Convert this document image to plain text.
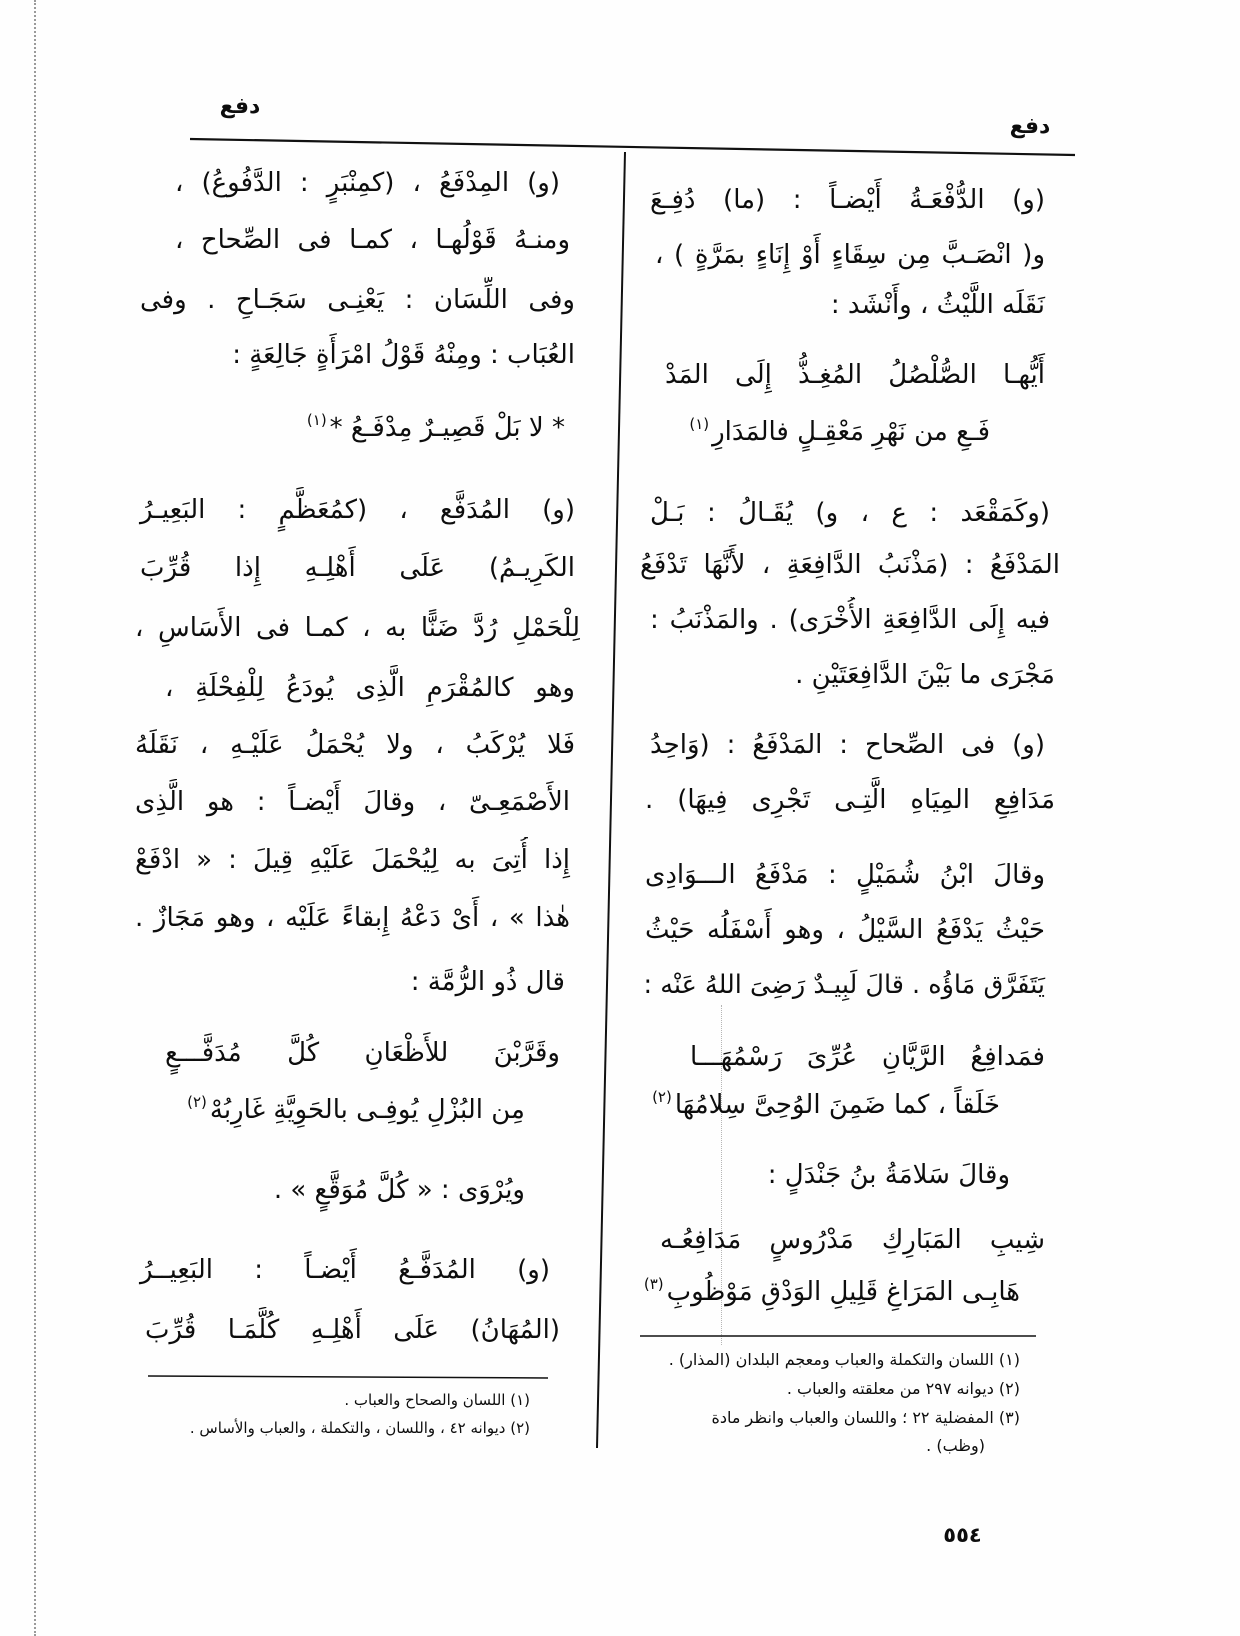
دفع
دفع
(و) الدُّفْعَـةُ أَيْضـاً : (ما) دُفِـعَ
و( انْصَـبَّ مِن سِقَاءٍ أَوْ إِنَاءٍ بمَرَّةٍ ) ،
نَقَلَه اللَّيْثُ ، وأَنْشَد :
أَيُّهـا الصُّلْصُلُ المُغِـذُّ إِلَى المَدْ
فَـعِ من نَهْرِ مَعْقِـلٍ فالمَدَارِ$^{(١)}$
(وكَمَقْعَد : ع ، و) يُقَـالُ : بَـلْ
المَدْفَعُ : (مَذْنَبُ الدَّافِعَةِ ، لأَنَّهَا تَدْفَعُ
فيه إِلَى الدَّافِعَةِ الأُخْرَى) . والمَذْنَبُ :
مَجْرَى ما بَيْنَ الدَّافِعَتَيْنِ .
(و) فى الصِّحاح : المَدْفَعُ : (وَاحِدُ
مَدَافِعِ المِيَاهِ الَّتِـى تَجْرِى فِيهَا) .
وقالَ ابْنُ شُمَيْلٍ : مَدْفَعُ الـــوَادِى
حَيْثُ يَدْفَعُ السَّيْلُ ، وهو أَسْفَلُه حَيْثُ
يَتَفَرَّق مَاؤُه . قالَ لَبِيـدٌ رَضِىَ اللهُ عَنْه :
فمَدافِعُ الرَّيَّانِ عُرِّىَ رَسْمُهَـــا
خَلَقاً ، كما ضَمِنَ الوُحِىَّ سِلامُهَا$^{(٢)}$
وقالَ سَلامَةُ بنُ جَنْدَلٍ :
شِيبِ المَبَارِكِ مَدْرُوسٍ مَدَافِعُـه
هَابِـى المَرَاغِ قَلِيلِ الوَدْقِ مَوْظُوبِ$^{(٣)}$
(١) اللسان والتكملة والعباب ومعجم البلدان (المذار) .
(٢) ديوانه ٢٩٧ من معلقته والعباب .
(٣) المفضلية ٢٢ ؛ واللسان والعباب وانظر مادة
(وظب) .
(و) المِدْفَعُ ، (كمِنْبَرٍ : الدَّفُوعُ) ،
ومنـهُ قَوْلُهـا ، كمـا فى الصِّحاح ،
وفى اللِّسَان : يَعْنِـى سَجَـاحِ . وفى
العُبَاب : ومِنْهُ قَوْلُ امْرَأَةٍ جَالِعَةٍ :
* لا بَلْ قَصِيـرٌ مِدْفَـعُ *$^{(١)}$
(و) المُدَفَّع ، (كمُعَظَّمٍ : البَعِيـرُ
الكَرِيـمُ) عَلَى أَهْلِـهِ إِذا قُرِّبَ
لِلْحَمْلِ رُدَّ ضَنًّا به ، كمـا فى الأَسَاسِ ،
وهو كالمُقْرَمِ الَّذِى يُودَعُ لِلْفِحْلَةِ ،
فَلا يُرْكَبُ ، ولا يُحْمَلُ عَلَيْـهِ ، نَقَلَهُ
الأَصْمَعِـىّ ، وقالَ أَيْضـاً : هو الَّذِى
إِذا أُتِىَ به لِيُحْمَلَ عَلَيْهِ قِيلَ : « ادْفَعْ
هٰذا » ، أَىْ دَعْهُ إِبقاءً عَلَيْه ، وهو مَجَازٌ .
قال ذُو الرُّمَّة :
وقَرَّبْنَ للأَظْعَانِ كُلَّ مُدَفَّـــعٍ
مِن البُزْلِ يُوفِـى بالحَوِيَّةِ غَارِبُهْ$^{(٢)}$
ويُرْوَى : « كُلَّ مُوَقَّعٍ » .
(و) المُدَفَّـعُ أَيْضـاً : البَعِيــرُ
(المُهَانُ) عَلَى أَهْلِـهِ كُلَّمَـا قُرِّبَ
(١) اللسان والصحاح والعباب .
(٢) ديوانه ٤٢ ، واللسان ، والتكملة ، والعباب والأساس .
٥٥٤
